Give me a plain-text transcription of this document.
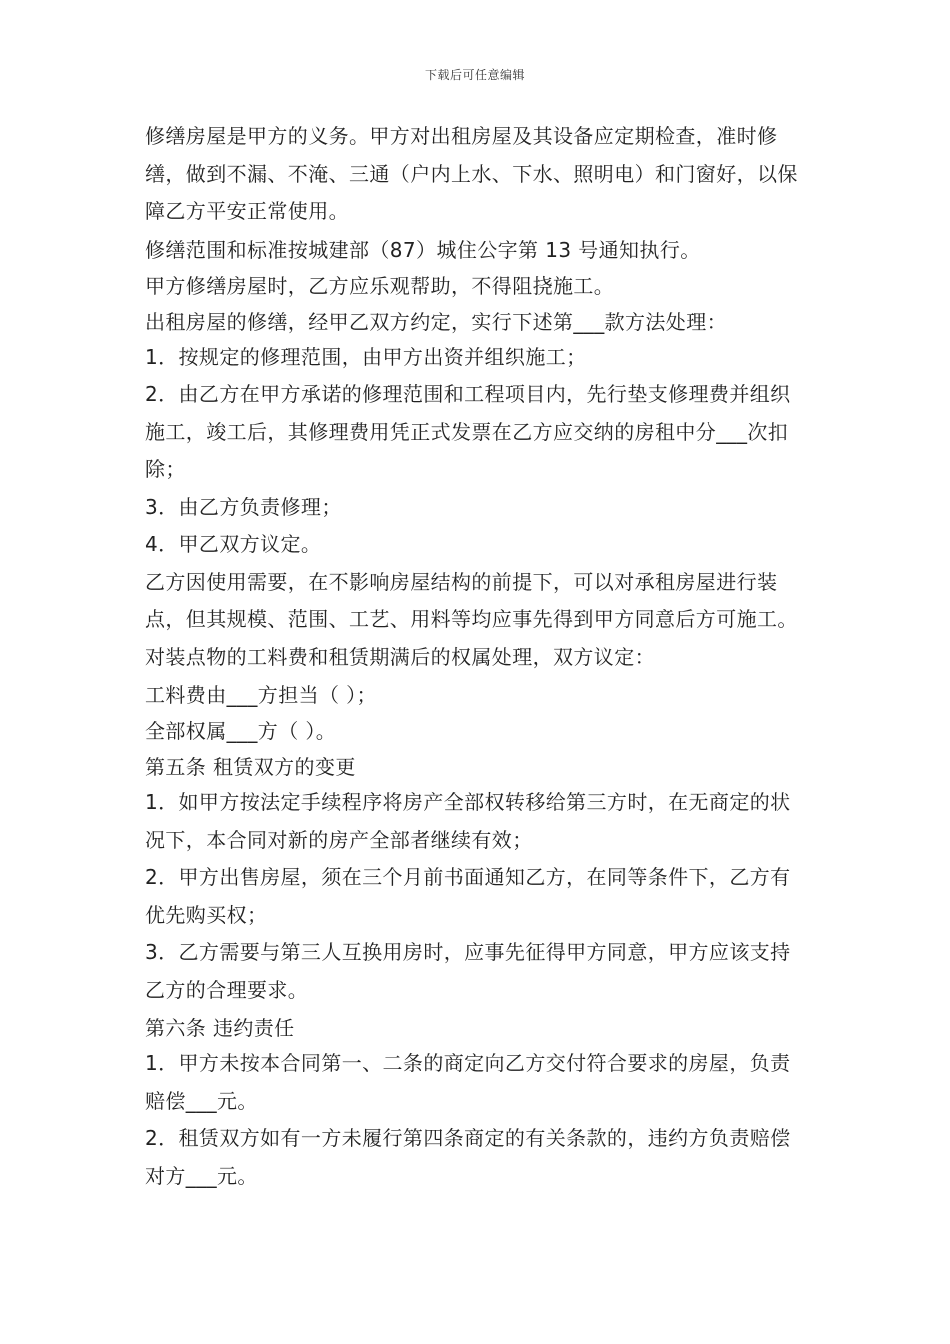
下载后可任意编辑

修缮房屋是甲方的义务。甲方对出租房屋及其设备应定期检查，准时修缮，做到不漏、不淹、三通（户内上水、下水、照明电）和门窗好，以保障乙方平安正常使用。

修缮范围和标准按城建部（87）城住公字第 13 号通知执行。

甲方修缮房屋时，乙方应乐观帮助，不得阻挠施工。

出租房屋的修缮，经甲乙双方约定，实行下述第___款方法处理：

1．按规定的修理范围，由甲方出资并组织施工；

2．由乙方在甲方承诺的修理范围和工程项目内，先行垫支修理费并组织施工，竣工后，其修理费用凭正式发票在乙方应交纳的房租中分___次扣除；

3．由乙方负责修理；

4．甲乙双方议定。

乙方因使用需要，在不影响房屋结构的前提下，可以对承租房屋进行装点，但其规模、范围、工艺、用料等均应事先得到甲方同意后方可施工。对装点物的工料费和租赁期满后的权属处理，双方议定：

工料费由___方担当（ ）；

全部权属___方（ ）。

第五条 租赁双方的变更

1．如甲方按法定手续程序将房产全部权转移给第三方时，在无商定的状况下，本合同对新的房产全部者继续有效；

2．甲方出售房屋，须在三个月前书面通知乙方，在同等条件下，乙方有优先购买权；

3．乙方需要与第三人互换用房时，应事先征得甲方同意，甲方应该支持乙方的合理要求。

第六条 违约责任

1．甲方未按本合同第一、二条的商定向乙方交付符合要求的房屋，负责赔偿___元。

2．租赁双方如有一方未履行第四条商定的有关条款的，违约方负责赔偿对方___元。
